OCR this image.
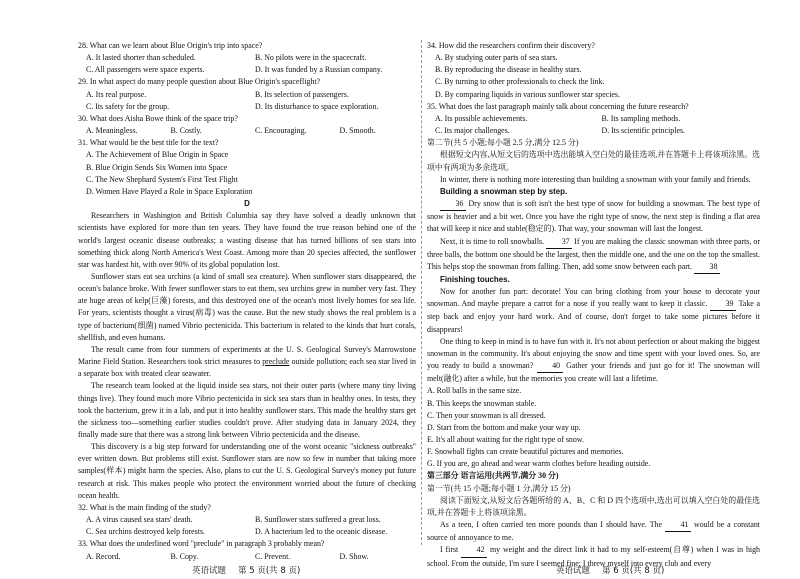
28. What can we learn about Blue Origin's trip into space?

A. It lasted shorter than scheduled.	B. No pilots were in the spacecraft.
C. All passengers were space experts.	D. It was funded by a Russian company.

29. In what aspect do many people question about Blue Origin's spaceflight?

A. Its real purpose.	B. Its selection of passengers.
C. Its safety for the group.	D. Its disturbance to space exploration.

30. What does Aisha Bowe think of the space trip?

A. Meaningless.	B. Costly.	C. Encouraging.	D. Smooth.

31. What would be the best title for the text?

A. The Achievement of Blue Origin in Space

B. Blue Origin Sends Six Women into Space

C. The New Shephard System's First Test Flight

D. Women Have Played a Role in Space Exploration

D

Researchers in Washington and British Columbia say they have solved a deadly unknown that scientists have explored for more than ten years. They have found the true reason behind one of the world's largest oceanic disease outbreaks; a wasting disease that has turned billions of sea stars into something thick along North America's West Coast. Among more than 20 species affected, the sunflower star was hardest hit, with over 90% of its global population lost.

Sunflower stars eat sea urchins (a kind of small sea creature). When sunflower stars disappeared, the ocean's balance broke. With fewer sunflower stars to eat them, sea urchins grew in number very fast. They ate huge areas of kelp(巨藻) forests, and this destroyed one of the ocean's most lively homes for sea life. For years, scientists thought a virus(病毒) was the cause. But the new study shows the real problem is a type of bacterium(细菌) named Vibrio pectenicida. This bacterium is related to the kinds that hurt corals, shellfish, and even humans.

The result came from four summers of experiments at the U. S. Geological Survey's Marrowstone Marine Field Station. Researchers took strict measures to preclude outside pollution; each sea star lived in a separate box with treated clear seawater.

The research team looked at the liquid inside sea stars, not their outer parts (where many tiny living things live). They found much more Vibrio pectenicida in sick sea stars than in healthy ones. In tests, they took the bacterium, grew it in a lab, and put it into healthy sunflower stars. This made the healthy stars get the sickness too—something earlier studies couldn't prove. After studying data in January 2024, they finally made sure that there was a strong link between Vibrio pectenicida and the disease.

This discovery is a big step forward for understanding one of the worst oceanic "sickness outbreaks" ever written down. But problems still exist. Sunflower stars are now so few in number that taking more samples(样本) might harm the species. Also, plans to cut the U. S. Geological Survey's money put future research at risk. This makes people who protect the environment worried about the future of checking ocean health.

32. What is the main finding of the study?

A. A virus caused sea stars' death.	B. Sunflower stars suffered a great loss.
C. Sea urchins destroyed kelp forests.	D. A bacterium led to the oceanic disease.

33. What does the underlined word "preclude" in paragraph 3 probably mean?

A. Record.	B. Copy.	C. Prevent.	D. Show.

34. How did the researchers confirm their discovery?

A. By studying outer parts of sea stars.

B. By reproducing the disease in healthy stars.

C. By turning to other professionals to check the link.

D. By comparing liquids in various sunflower star species.

35. What does the last paragraph mainly talk about concerning the future research?

A. Its possible achievements.	B. Its sampling methods.
C. Its major challenges.	D. Its scientific principles.

第二节(共 5 小题;每小题 2.5 分,满分 12.5 分)

根据短文内容,从短文后的选项中选出能填入空白处的最佳选项,并在答题卡上将该项涂黑。选项中有两项为多余选项。

In winter, there is nothing more interesting than building a snowman with your family and friends.

Building a snowman step by step.

36 Dry snow that is soft isn't the best type of snow for building a snowman. The best type of snow is heavier and a bit wet. Once you have the right type of snow, the next step is finding a flat area that will keep it nice and stable(稳定的). That way, your snowman will last the longest.

Next, it is time to roll snowballs. 37 If you are making the classic snowman with three parts, or three balls, the bottom one should be the largest, then the middle one, and the one on the top the smallest. This helps stop the snowman from falling. Then, add some snow between each part. 38

Finishing touches.

Now for another fun part: decorate! You can bring clothing from your house to decorate your snowman. And maybe prepare a carrot for a nose if you really want to keep it classic. 39 Take a step back and enjoy your hard work. And of course, don't forget to take some pictures before it disappears!

One thing to keep in mind is to have fun with it. It's not about perfection or about making the biggest snowman in the community. It's about enjoying the snow and time spent with your loved ones. So, are you ready to build a snowman? 40 Gather your friends and just go for it! The snowman will melt(融化) after a while, but the memories you create will last a lifetime.

A. Roll balls in the same size.

B. This keeps the snowman stable.

C. Then your snowman is all dressed.

D. Start from the bottom and make your way up.

E. It's all about waiting for the right type of snow.

F. Snowball fights can create beautiful pictures and memories.

G. If you are, go ahead and wear warm clothes before heading outside.

第三部分 语言运用(共两节,满分 30 分)

第一节(共 15 小题;每小题 1 分,满分 15 分)

阅读下面短文,从短文后各题所给的 A、B、C 和 D 四个选项中,选出可以填入空白处的最佳选项,并在答题卡上将该项涂黑。

As a teen, I often carried ten more pounds than I should have. The 41 would be a constant source of annoyance to me.

I first 42 my weight and the direct link it had to my self-esteem(自尊) when I was in high school. From the outside, I'm sure I seemed fine; I threw myself into every club and every

英语试题 第 5 页(共 8 页)	英语试题 第 6 页(共 8 页)
